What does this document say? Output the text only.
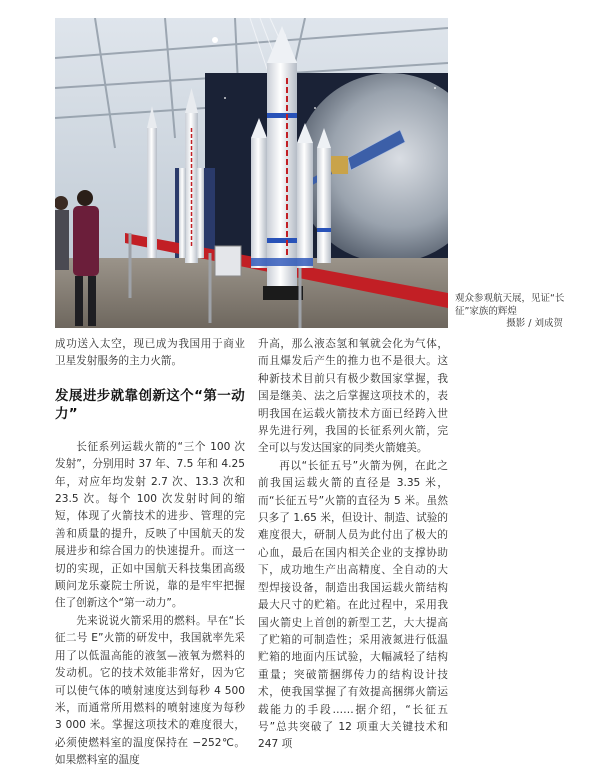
观众参观航天展，见证“长征”家族的辉煌
摄影 / 刘成贺

成功送入太空，现已成为我国用于商业卫星发射服务的主力火箭。

发展进步就靠创新这个“第一动力”

长征系列运载火箭的“三个 100 次发射”，分别用时 37 年、7.5 年和 4.25 年，对应年均发射 2.7 次、13.3 次和 23.5 次。每个 100 次发射时间的缩短，体现了火箭技术的进步、管理的完善和质量的提升，反映了中国航天的发展进步和综合国力的快速提升。而这一切的实现，正如中国航天科技集团高级顾问龙乐豪院士所说，靠的是牢牢把握住了创新这个“第一动力”。

先来说说火箭采用的燃料。早在“长征二号 E”火箭的研发中，我国就率先采用了以低温高能的液氢—液氧为燃料的发动机。它的技术效能非常好，因为它可以使气体的喷射速度达到每秒 4 500 米，而通常所用燃料的喷射速度为每秒 3 000 米。掌握这项技术的难度很大，必须使燃料室的温度保持在 −252℃。如果燃料室的温度

升高，那么液态氢和氧就会化为气体，而且爆发后产生的推力也不是很大。这种新技术目前只有极少数国家掌握，我国是继美、法之后掌握这项技术的，表明我国在运载火箭技术方面已经跨入世界先进行列，我国的长征系列火箭，完全可以与发达国家的同类火箭媲美。

再以“长征五号”火箭为例，在此之前我国运载火箭的直径是 3.35 米，而“长征五号”火箭的直径为 5 米。虽然只多了 1.65 米，但设计、制造、试验的难度很大，研制人员为此付出了极大的心血，最后在国内相关企业的支撑协助下，成功地生产出高精度、全自动的大型焊接设备，制造出我国运载火箭结构最大尺寸的贮箱。在此过程中，采用我国火箭史上首创的新型工艺，大大提高了贮箱的可制造性；采用液氮进行低温贮箱的地面内压试验，大幅减轻了结构重量；突破箭捆绑传力的结构设计技术，使我国掌握了有效提高捆绑火箭运载能力的手段……据介绍，“长征五号”总共突破了 12 项重大关键技术和 247 项
